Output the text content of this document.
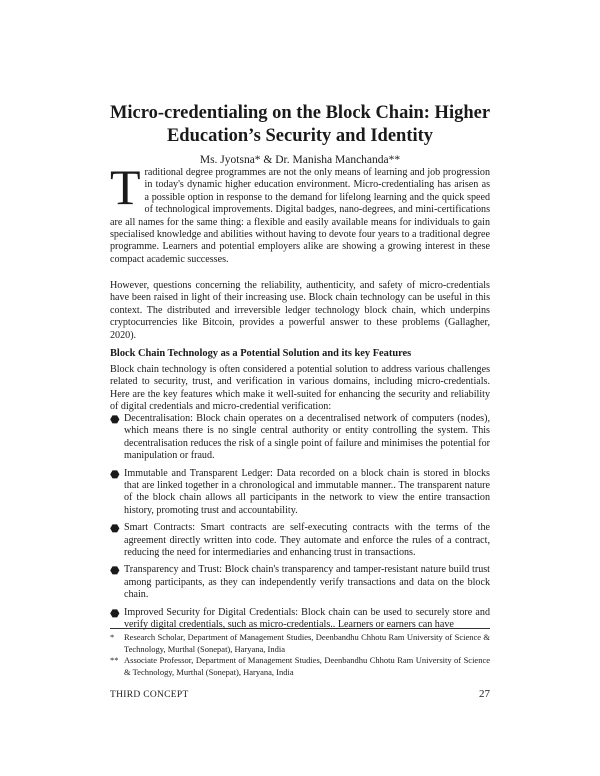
Micro-credentialing on the Block Chain: Higher Education’s Security and Identity
Ms. Jyotsna* & Dr. Manisha Manchanda**

Traditional degree programmes are not the only means of learning and job progression in today's dynamic higher education environment. Micro-credentialing has arisen as a possible option in response to the demand for lifelong learning and the quick speed of technological improvements. Digital badges, nano-degrees, and mini-certifications are all names for the same thing: a flexible and easily available means for individuals to gain specialised knowledge and abilities without having to devote four years to a traditional degree programme. Learners and potential employers alike are showing a growing interest in these compact academic successes.

However, questions concerning the reliability, authenticity, and safety of micro-credentials have been raised in light of their increasing use. Block chain technology can be useful in this context. The distributed and irreversible ledger technology block chain, which underpins cryptocurrencies like Bitcoin, provides a powerful answer to these problems (Gallagher, 2020).

Block Chain Technology as a Potential Solution and its key Features

Block chain technology is often considered a potential solution to address various challenges related to security, trust, and verification in various domains, including micro-credentials. Here are the key features which make it well-suited for enhancing the security and reliability of digital credentials and micro-credential verification:

⬣ Decentralisation: Block chain operates on a decentralised network of computers (nodes), which means there is no single central authority or entity controlling the system. This decentralisation reduces the risk of a single point of failure and minimises the potential for manipulation or fraud.
⬣ Immutable and Transparent Ledger: Data recorded on a block chain is stored in blocks that are linked together in a chronological and immutable manner.. The transparent nature of the block chain allows all participants in the network to view the entire transaction history, promoting trust and accountability.
⬣ Smart Contracts: Smart contracts are self-executing contracts with the terms of the agreement directly written into code. They automate and enforce the rules of a contract, reducing the need for intermediaries and enhancing trust in transactions.
⬣ Transparency and Trust: Block chain's transparency and tamper-resistant nature build trust among participants, as they can independently verify transactions and data on the block chain.
⬣ Improved Security for Digital Credentials: Block chain can be used to securely store and verify digital credentials, such as micro-credentials.. Learners or earners can have

* Research Scholar, Department of Management Studies, Deenbandhu Chhotu Ram University of Science & Technology, Murthal (Sonepat), Haryana, India

** Associate Professor, Department of Management Studies, Deenbandhu Chhotu Ram University of Science & Technology, Murthal (Sonepat), Haryana, India

THIRD CONCEPT	27
